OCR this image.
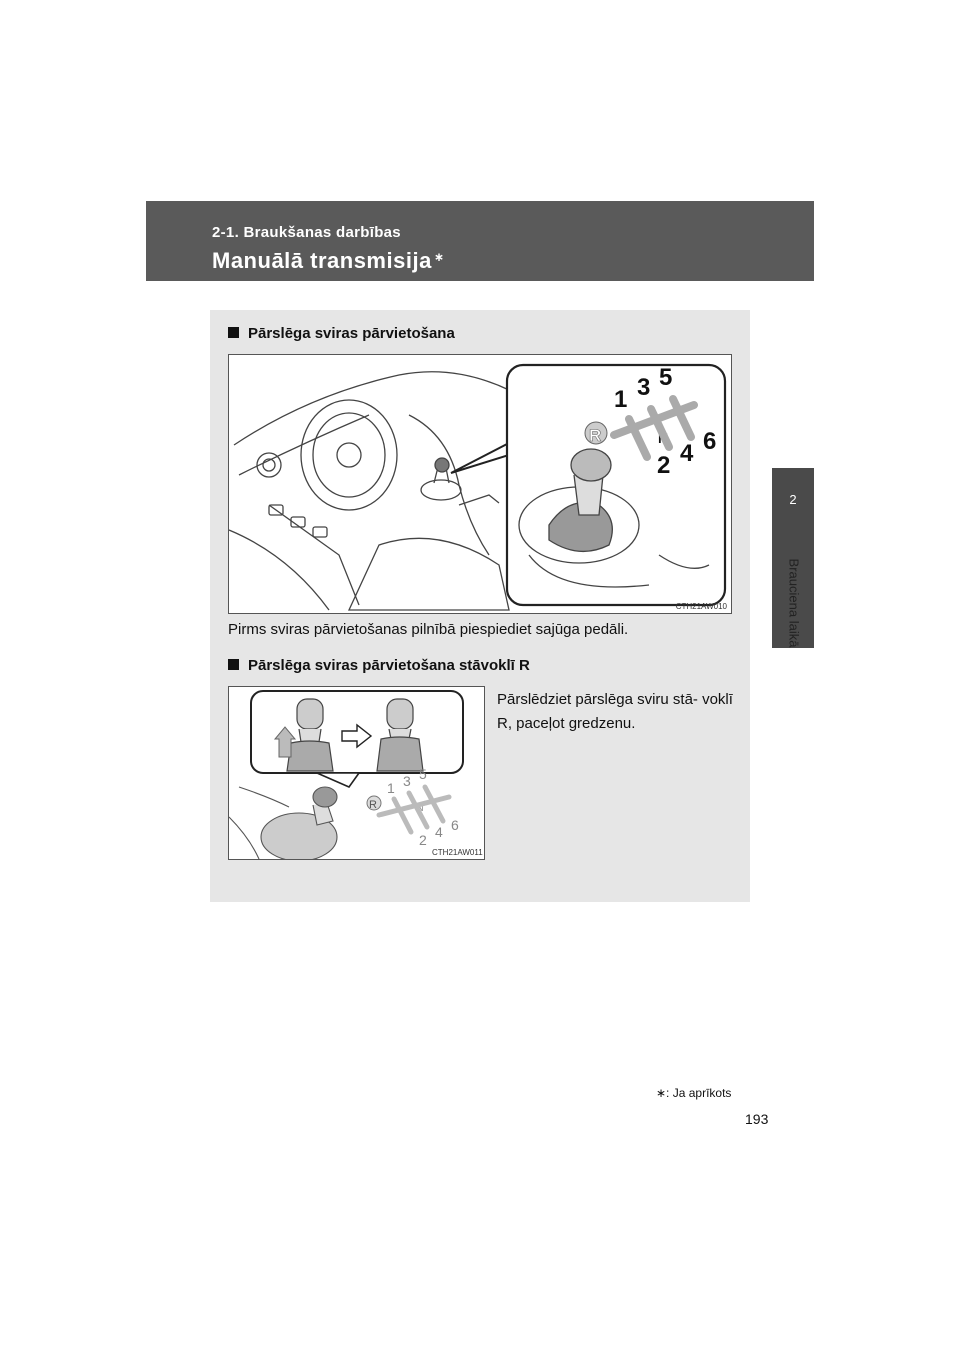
2-1. Braukšanas darbības
Manuālā transmisija ∗
2
Brauciena laikā
Pārslēga sviras pārvietošana
R
1 3 5
N
2 4 6
CTH21AW010
Pirms sviras pārvietošanas pilnībā piespiediet sajūga pedāli.
Pārslēga sviras pārvietošana stāvoklī R
Pārslēdziet pārslēga sviru stā- voklī R, paceļot gredzenu.
R
1 3 5
N
2 4 6
CTH21AW011
∗: Ja aprīkots
193
